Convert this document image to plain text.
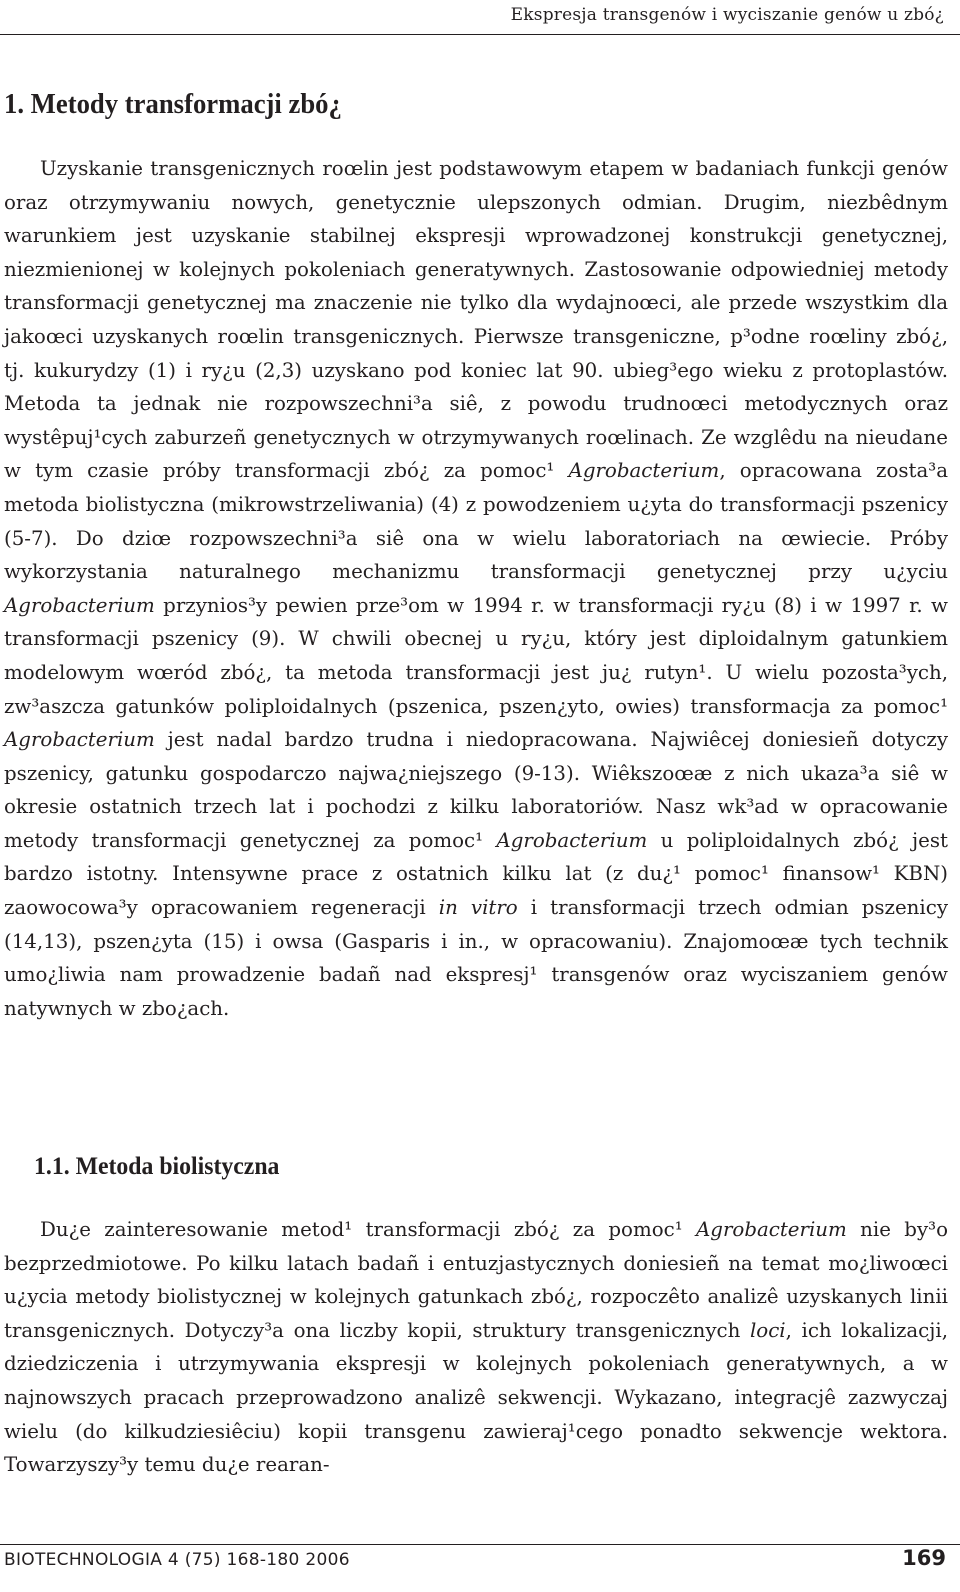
Ekspresja transgenów i wyciszanie genów u zbó¿
1. Metody transformacji zbó¿

Uzyskanie transgenicznych roœlin jest podstawowym etapem w badaniach funkcji genów oraz otrzymywaniu nowych, genetycznie ulepszonych odmian. Drugim, niezbêdnym warunkiem jest uzyskanie stabilnej ekspresji wprowadzonej konstrukcji genetycznej, niezmienionej w kolejnych pokoleniach generatywnych. Zastosowanie odpowiedniej metody transformacji genetycznej ma znaczenie nie tylko dla wydajnoœci, ale przede wszystkim dla jakoœci uzyskanych roœlin transgenicznych. Pierwsze transgeniczne, p³odne roœliny zbó¿, tj. kukurydzy (1) i ry¿u (2,3) uzyskano pod koniec lat 90. ubieg³ego wieku z protoplastów. Metoda ta jednak nie rozpowszechni³a siê, z powodu trudnoœci metodycznych oraz wystêpuj¹cych zaburzeñ genetycznych w otrzymywanych roœlinach. Ze wzglêdu na nieudane w tym czasie próby transformacji zbó¿ za pomoc¹ Agrobacterium, opracowana zosta³a metoda biolistyczna (mikrowstrzeliwania) (4) z powodzeniem u¿yta do transformacji pszenicy (5-7). Do dziœ rozpowszechni³a siê ona w wielu laboratoriach na œwiecie. Próby wykorzystania naturalnego mechanizmu transformacji genetycznej przy u¿yciu Agrobacterium przynios³y pewien prze³om w 1994 r. w transformacji ry¿u (8) i w 1997 r. w transformacji pszenicy (9). W chwili obecnej u ry¿u, który jest diploidalnym gatunkiem modelowym wœród zbó¿, ta metoda transformacji jest ju¿ rutyn¹. U wielu pozosta³ych, zw³aszcza gatunków poliploidalnych (pszenica, pszen¿yto, owies) transformacja za pomoc¹ Agrobacterium jest nadal bardzo trudna i niedopracowana. Najwiêcej doniesieñ dotyczy pszenicy, gatunku gospodarczo najwa¿niejszego (9-13). Wiêkszoœæ z nich ukaza³a siê w okresie ostatnich trzech lat i pochodzi z kilku laboratoriów. Nasz wk³ad w opracowanie metody transformacji genetycznej za pomoc¹ Agrobacterium u poliploidalnych zbó¿ jest bardzo istotny. Intensywne prace z ostatnich kilku lat (z du¿¹ pomoc¹ finansow¹ KBN) zaowocowa³y opracowaniem regeneracji in vitro i transformacji trzech odmian pszenicy (14,13), pszen¿yta (15) i owsa (Gasparis i in., w opracowaniu). Znajomoœæ tych technik umo¿liwia nam prowadzenie badañ nad ekspresj¹ transgenów oraz wyciszaniem genów natywnych w zbo¿ach.

1.1. Metoda biolistyczna

Du¿e zainteresowanie metod¹ transformacji zbó¿ za pomoc¹ Agrobacterium nie by³o bezprzedmiotowe. Po kilku latach badañ i entuzjastycznych doniesieñ na temat mo¿liwoœci u¿ycia metody biolistycznej w kolejnych gatunkach zbó¿, rozpoczêto analizê uzyskanych linii transgenicznych. Dotyczy³a ona liczby kopii, struktury transgenicznych loci, ich lokalizacji, dziedziczenia i utrzymywania ekspresji w kolejnych pokoleniach generatywnych, a w najnowszych pracach przeprowadzono analizê sekwencji. Wykazano, integracjê zazwyczaj wielu (do kilkudziesiêciu) kopii transgenu zawieraj¹cego ponadto sekwencje wektora. Towarzyszy³y temu du¿e rearan-

BIOTECHNOLOGIA 4 (75) 168-180 2006	169
